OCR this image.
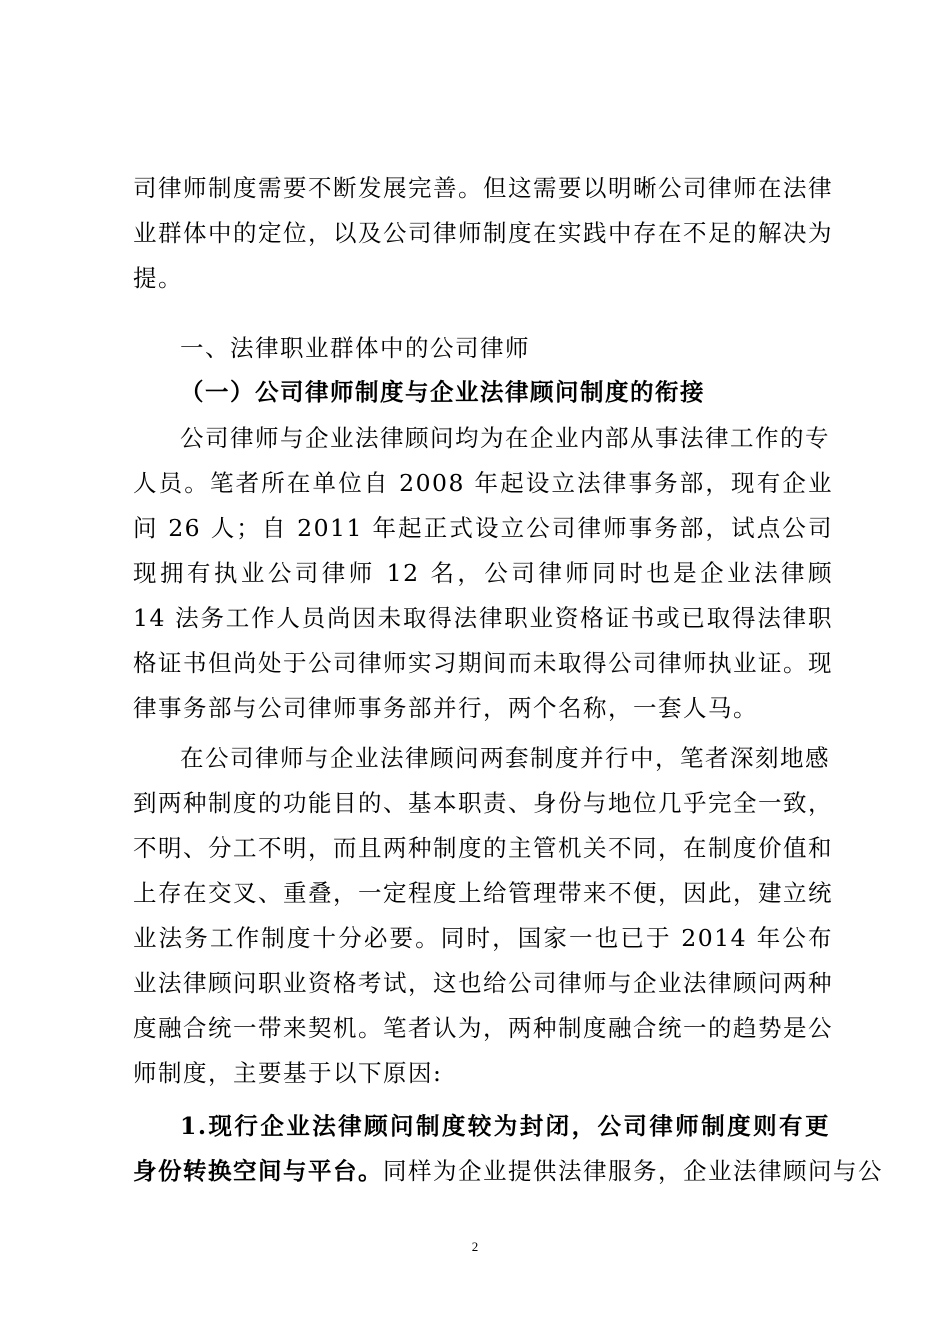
司律师制度需要不断发展完善。但这需要以明晰公司律师在法律
业群体中的定位，以及公司律师制度在实践中存在不足的解决为
提。
一、法律职业群体中的公司律师
（一）公司律师制度与企业法律顾问制度的衔接
公司律师与企业法律顾问均为在企业内部从事法律工作的专
人员。笔者所在单位自 2008 年起设立法律事务部，现有企业
问 26 人；自 2011 年起正式设立公司律师事务部，试点公司
现拥有执业公司律师 12 名，公司律师同时也是企业法律顾
14 法务工作人员尚因未取得法律职业资格证书或已取得法律职
格证书但尚处于公司律师实习期间而未取得公司律师执业证。现
律事务部与公司律师事务部并行，两个名称，一套人马。
在公司律师与企业法律顾问两套制度并行中，笔者深刻地感
到两种制度的功能目的、基本职责、身份与地位几乎完全一致，
不明、分工不明，而且两种制度的主管机关不同，在制度价值和
上存在交叉、重叠，一定程度上给管理带来不便，因此，建立统
业法务工作制度十分必要。同时，国家一也已于 2014 年公布
业法律顾问职业资格考试，这也给公司律师与企业法律顾问两种
度融合统一带来契机。笔者认为，两种制度融合统一的趋势是公
师制度，主要基于以下原因:
1.现行企业法律顾问制度较为封闭，公司律师制度则有更
身份转换空间与平台。同样为企业提供法律服务，企业法律顾问与公
2
